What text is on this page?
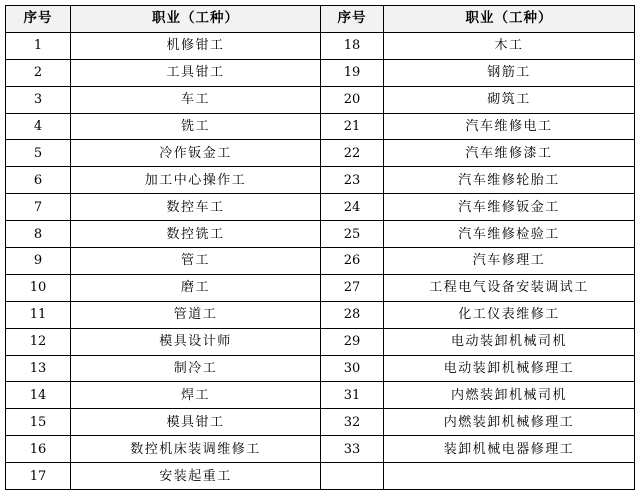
序号	职业（工种）	序号	职业（工种）
1	机修钳工	18	木工
2	工具钳工	19	钢筋工
3	车工	20	砌筑工
4	铣工	21	汽车维修电工
5	冷作钣金工	22	汽车维修漆工
6	加工中心操作工	23	汽车维修轮胎工
7	数控车工	24	汽车维修钣金工
8	数控铣工	25	汽车维修检验工
9	管工	26	汽车修理工
10	磨工	27	工程电气设备安装调试工
11	管道工	28	化工仪表维修工
12	模具设计师	29	电动装卸机械司机
13	制冷工	30	电动装卸机械修理工
14	焊工	31	内燃装卸机械司机
15	模具钳工	32	内燃装卸机械修理工
16	数控机床装调维修工	33	装卸机械电器修理工
17	安装起重工		
